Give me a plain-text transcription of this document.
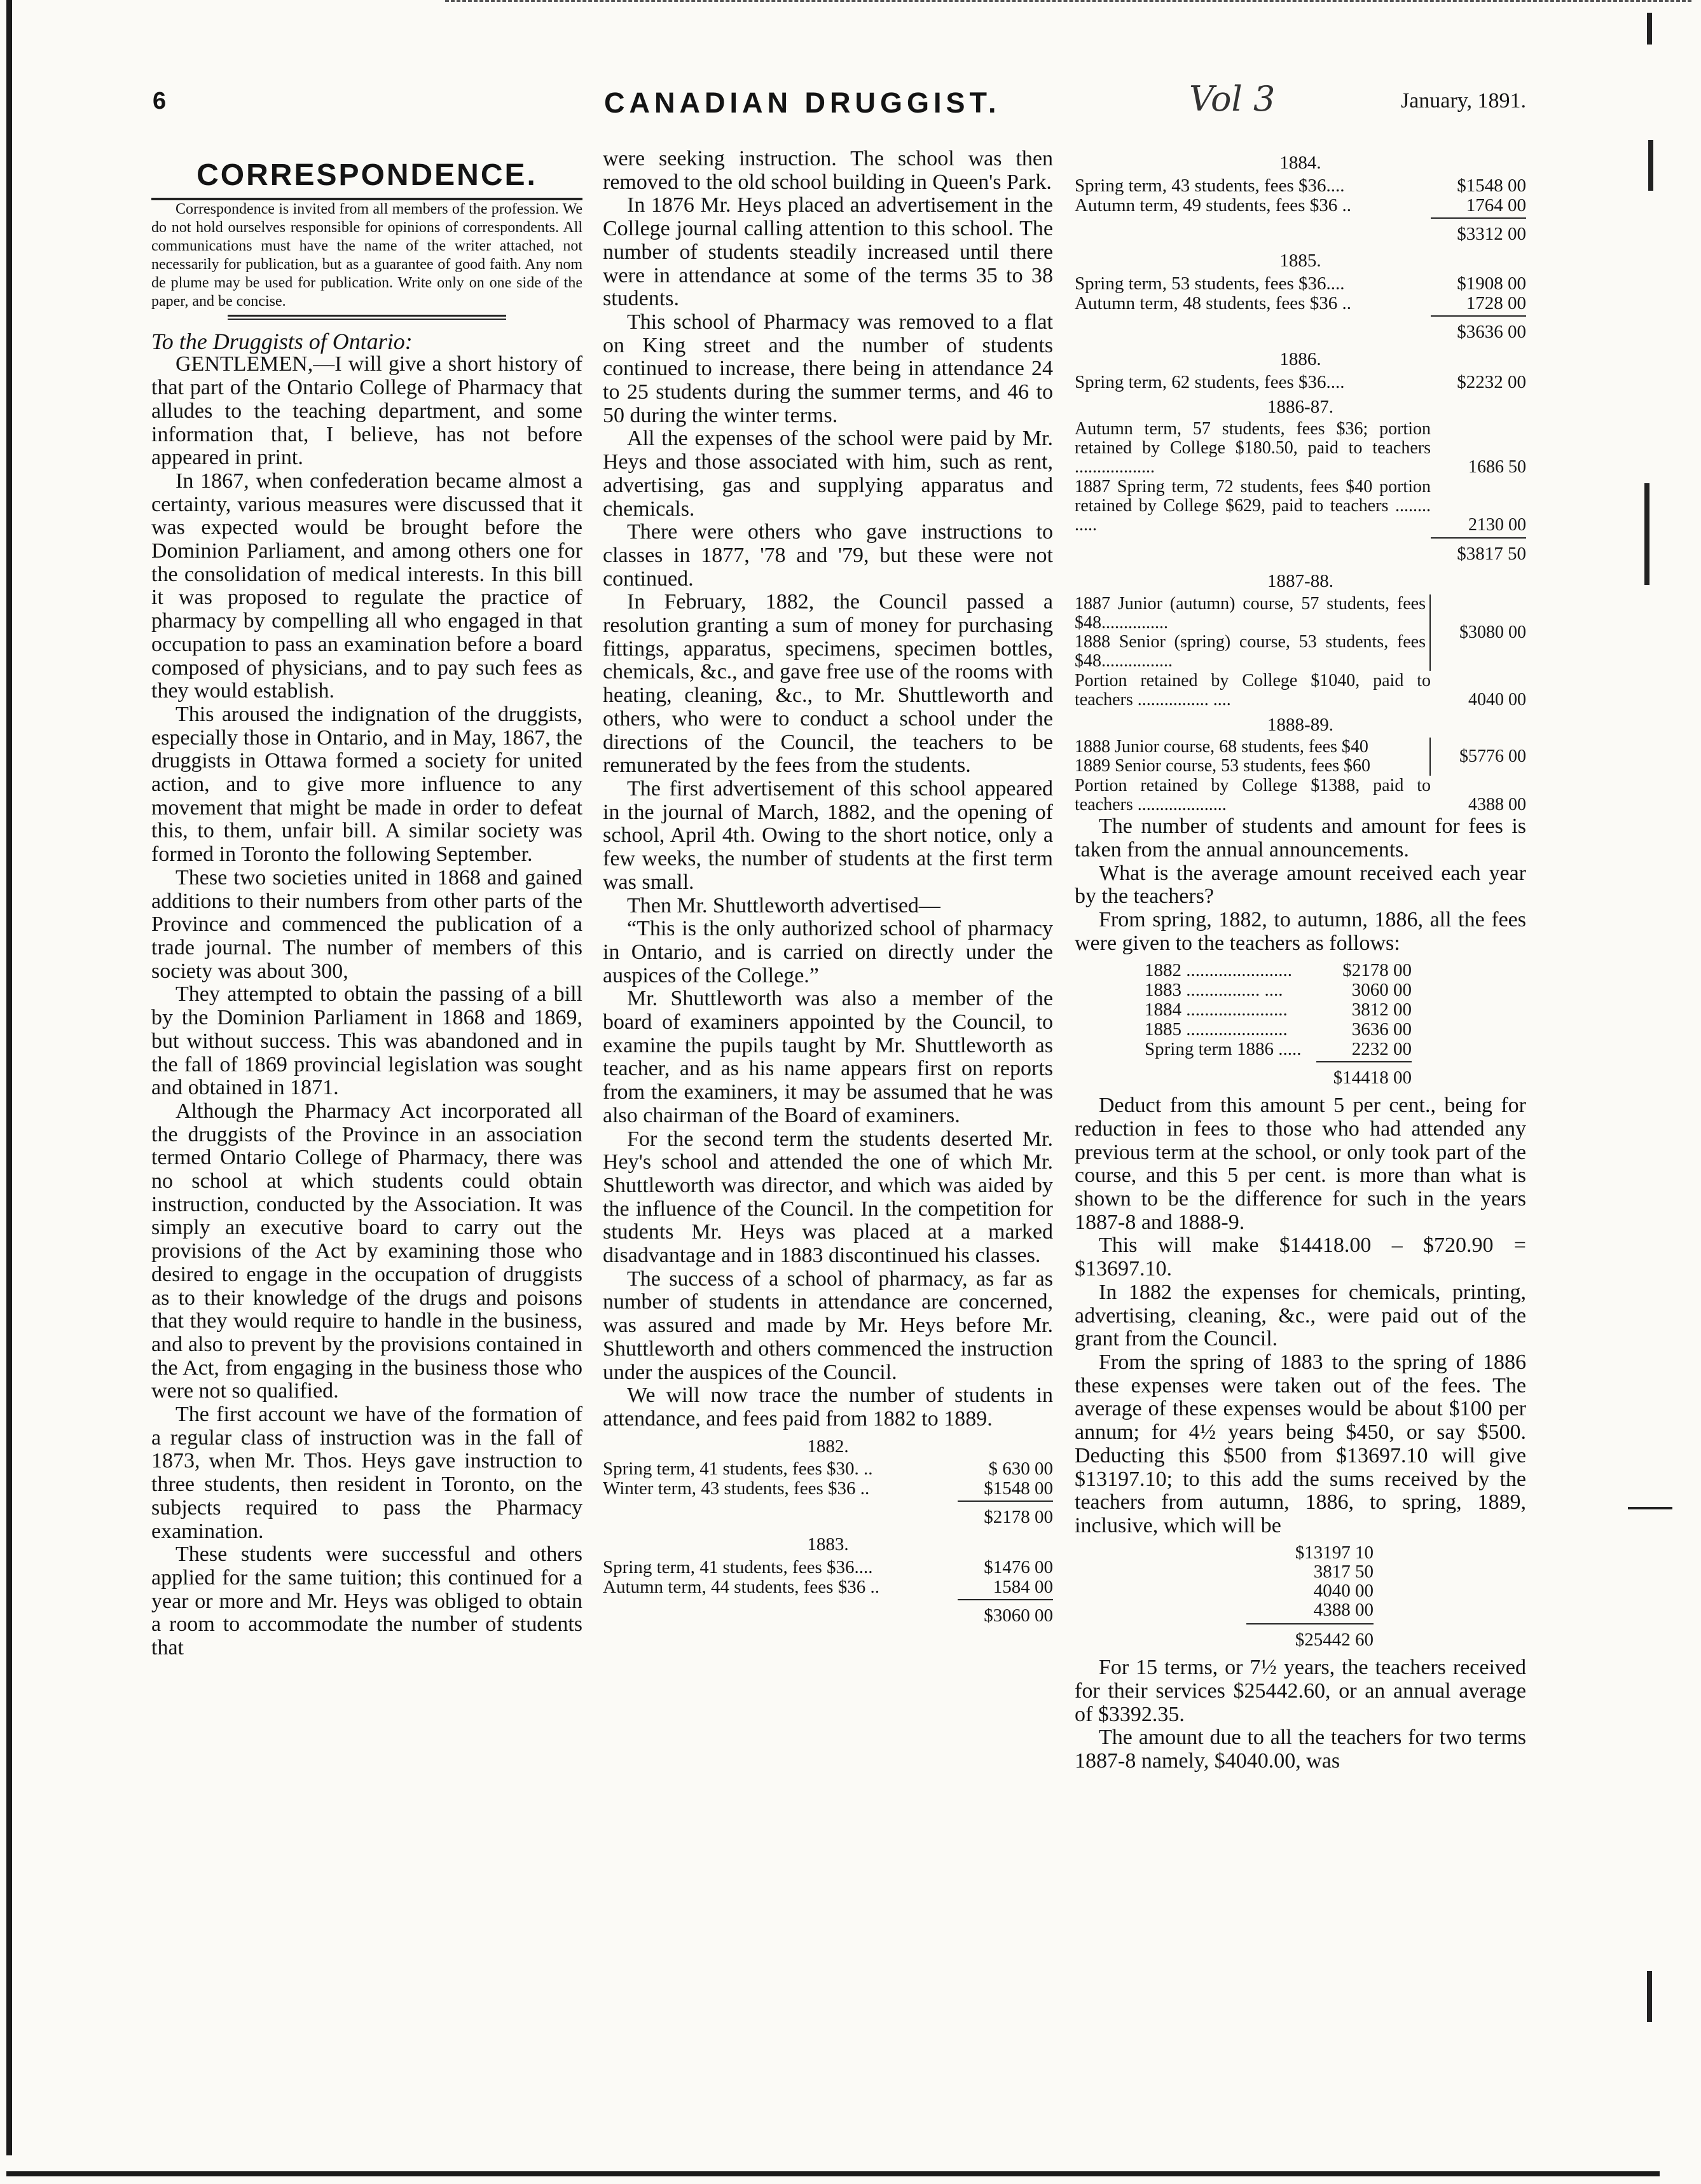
6	CANADIAN DRUGGIST.	Vol 3	January, 1891.
CORRESPONDENCE.

Correspondence is invited from all members of the profession. We do not hold ourselves responsible for opinions of correspondents. All communications must have the name of the writer attached, not necessarily for publication, but as a guarantee of good faith. Any nom de plume may be used for publication. Write only on one side of the paper, and be concise.

To the Druggists of Ontario:

GENTLEMEN,—I will give a short history of that part of the Ontario College of Pharmacy that alludes to the teaching department, and some information that, I believe, has not before appeared in print.

In 1867, when confederation became almost a certainty, various measures were discussed that it was expected would be brought before the Dominion Parliament, and among others one for the consolidation of medical interests. In this bill it was proposed to regulate the practice of pharmacy by compelling all who engaged in that occupation to pass an examination before a board composed of physicians, and to pay such fees as they would establish.

This aroused the indignation of the druggists, especially those in Ontario, and in May, 1867, the druggists in Ottawa formed a society for united action, and to give more influence to any movement that might be made in order to defeat this, to them, unfair bill. A similar society was formed in Toronto the following September.

These two societies united in 1868 and gained additions to their numbers from other parts of the Province and commenced the publication of a trade journal. The number of members of this society was about 300,

They attempted to obtain the passing of a bill by the Dominion Parliament in 1868 and 1869, but without success. This was abandoned and in the fall of 1869 provincial legislation was sought and obtained in 1871.

Although the Pharmacy Act incorporated all the druggists of the Province in an association termed Ontario College of Pharmacy, there was no school at which students could obtain instruction, conducted by the Association. It was simply an executive board to carry out the provisions of the Act by examining those who desired to engage in the occupation of druggists as to their knowledge of the drugs and poisons that they would require to handle in the business, and also to prevent by the provisions contained in the Act, from engaging in the business those who were not so qualified.

The first account we have of the formation of a regular class of instruction was in the fall of 1873, when Mr. Thos. Heys gave instruction to three students, then resident in Toronto, on the subjects required to pass the Pharmacy examination.

These students were successful and others applied for the same tuition; this continued for a year or more and Mr. Heys was obliged to obtain a room to accommodate the number of students that

were seeking instruction. The school was then removed to the old school building in Queen's Park.

In 1876 Mr. Heys placed an advertisement in the College journal calling attention to this school. The number of students steadily increased until there were in attendance at some of the terms 35 to 38 students.

This school of Pharmacy was removed to a flat on King street and the number of students continued to increase, there being in attendance 24 to 25 students during the summer terms, and 46 to 50 during the winter terms.

All the expenses of the school were paid by Mr. Heys and those associated with him, such as rent, advertising, gas and supplying apparatus and chemicals.

There were others who gave instructions to classes in 1877, '78 and '79, but these were not continued.

In February, 1882, the Council passed a resolution granting a sum of money for purchasing fittings, apparatus, specimens, specimen bottles, chemicals, &c., and gave free use of the rooms with heating, cleaning, &c., to Mr. Shuttleworth and others, who were to conduct a school under the directions of the Council, the teachers to be remunerated by the fees from the students.

The first advertisement of this school appeared in the journal of March, 1882, and the opening of school, April 4th. Owing to the short notice, only a few weeks, the number of students at the first term was small.

Then Mr. Shuttleworth advertised—

“This is the only authorized school of pharmacy in Ontario, and is carried on directly under the auspices of the College.”

Mr. Shuttleworth was also a member of the board of examiners appointed by the Council, to examine the pupils taught by Mr. Shuttleworth as teacher, and as his name appears first on reports from the examiners, it may be assumed that he was also chairman of the Board of examiners.

For the second term the students deserted Mr. Hey's school and attended the one of which Mr. Shuttleworth was director, and which was aided by the influence of the Council. In the competition for students Mr. Heys was placed at a marked disadvantage and in 1883 discontinued his classes.

The success of a school of pharmacy, as far as number of students in attendance are concerned, was assured and made by Mr. Heys before Mr. Shuttleworth and others commenced the instruction under the auspices of the Council.

We will now trace the number of students in attendance, and fees paid from 1882 to 1889.

1882.
Spring term, 41 students, fees $30. ..	$ 630 00
Winter term, 43 students, fees $36 ..	$1548 00
$2178 00
1883.
Spring term, 41 students, fees $36....	$1476 00
Autumn term, 44 students, fees $36 ..	1584 00
$3060 00
1884.
Spring term, 43 students, fees $36....	$1548 00
Autumn term, 49 students, fees $36 ..	1764 00
$3312 00
1885.
Spring term, 53 students, fees $36....	$1908 00
Autumn term, 48 students, fees $36 ..	1728 00
$3636 00
1886.
Spring term, 62 students, fees $36....	$2232 00
1886-87.
Autumn term, 57 students, fees $36; portion retained by College $180.50, paid to teachers ..................	1686 50
1887 Spring term, 72 students, fees $40 portion retained by College $629, paid to teachers ........ .....	2130 00
$3817 50
1887-88.
1887 Junior (autumn) course, 57 students, fees $48...............
1888 Senior (spring) course, 53 students, fees $48................
$3080 00
Portion retained by College $1040, paid to teachers ................ ....	4040 00
1888-89.
1888 Junior course, 68 students, fees $40
1889 Senior course, 53 students, fees $60	$5776 00
Portion retained by College $1388, paid to teachers ....................	4388 00

The number of students and amount for fees is taken from the annual announcements.

What is the average amount received each year by the teachers?

From spring, 1882, to autumn, 1886, all the fees were given to the teachers as follows:

1882 .......................	$2178 00
1883 ................ ....	3060 00
1884 ......................	3812 00
1885 ......................	3636 00
Spring term 1886 .....	2232 00
$14418 00

Deduct from this amount 5 per cent., being for reduction in fees to those who had attended any previous term at the school, or only took part of the course, and this 5 per cent. is more than what is shown to be the difference for such in the years 1887-8 and 1888-9.

This will make $14418.00 – $720.90 = $13697.10.

In 1882 the expenses for chemicals, printing, advertising, cleaning, &c., were paid out of the grant from the Council.

From the spring of 1883 to the spring of 1886 these expenses were taken out of the fees. The average of these expenses would be about $100 per annum; for 4½ years being $450, or say $500. Deducting this $500 from $13697.10 will give $13197.10; to this add the sums received by the teachers from autumn, 1886, to spring, 1889, inclusive, which will be

$13197 10
3817 50
4040 00
4388 00
$25442 60

For 15 terms, or 7½ years, the teachers received for their services $25442.60, or an annual average of $3392.35.

The amount due to all the teachers for two terms 1887-8 namely, $4040.00, was
